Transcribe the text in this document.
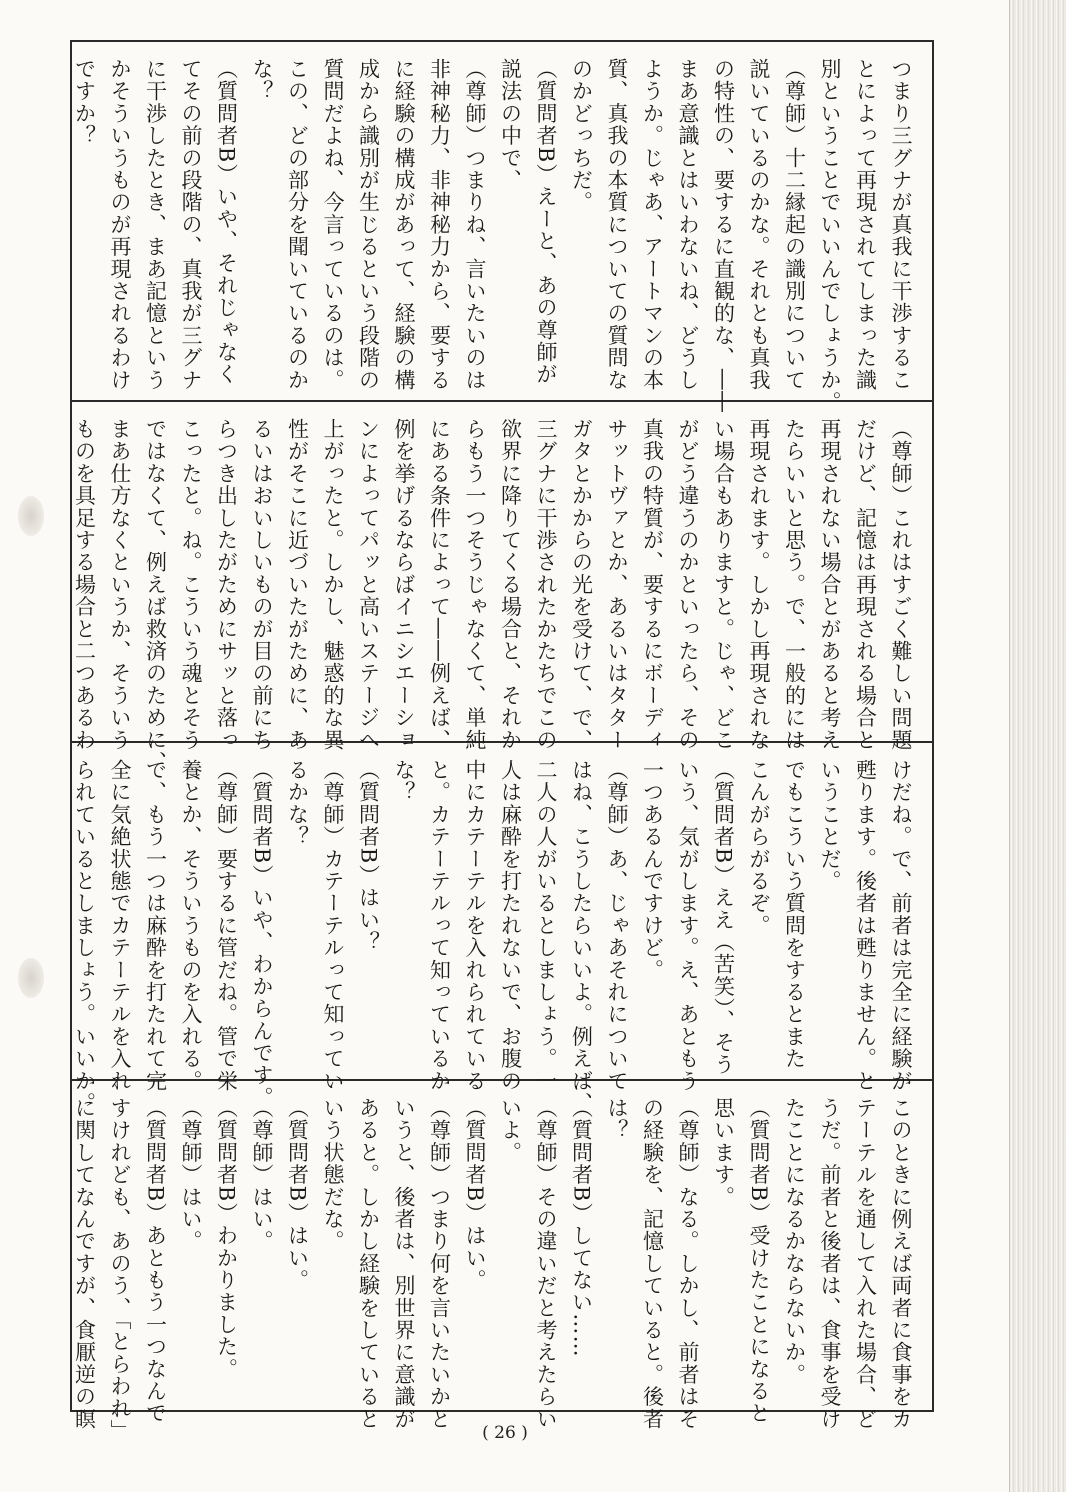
つまり三グナが真我に干渉するこ
とによって再現されてしまった識
別ということでいいんでしょうか。
（尊師）十二縁起の識別について
説いているのかな。それとも真我
の特性の、要するに直観的な、――
まあ意識とはいわないね、どうし
ようか。じゃあ、アートマンの本
質、真我の本質についての質問な
のかどっちだ。
（質問者B）えーと、あの尊師が
説法の中で、
（尊師）つまりね、言いたいのは
非神秘力、非神秘力から、要する
に経験の構成があって、経験の構
成から識別が生じるという段階の
質問だよね、今言っているのは。
この、どの部分を聞いているのか
な？
（質問者B）いや、それじゃなく
てその前の段階の、真我が三グナ
に干渉したとき、まあ記憶という
かそういうものが再現されるわけ
ですか？
（尊師）これはすごく難しい問題
だけど、記憶は再現される場合と
再現されない場合とがあると考え
たらいいと思う。で、一般的には
再現されます。しかし再現されな
い場合もありますと。じゃ、どこ
がどう違うのかといったら、その
真我の特質が、要するにボーディ
サットヴァとか、あるいはタター
ガタとかからの光を受けて、で、
三グナに干渉されたかたちでこの
欲界に降りてくる場合と、それか
らもう一つそうじゃなくて、単純
にある条件によって――例えば、
例を挙げるならばイニシエーショ
ンによってパッと高いステージへ
上がったと。しかし、魅惑的な異
性がそこに近づいたがために、あ
るいはおいしいものが目の前にち
らつき出したがためにサッと落っ
こったと。ね。こういう魂とそう
ではなくて、例えば救済のために、
まあ仕方なくというか、そういう
ものを具足する場合と二つあるわ
けだね。で、前者は完全に経験が
甦ります。後者は甦りません。と
いうことだ。
でもこういう質問をするとまた
こんがらがるぞ。
（質問者B）ええ（苦笑）、そう
いう、気がします。え、あともう
一つあるんですけど。
（尊師）あ、じゃあそれについて
はね、こうしたらいいよ。例えば、
二人の人がいるとしましょう。一
人は麻酔を打たれないで、お腹の
中にカテーテルを入れられている
と。カテーテルって知っているか
な？
（質問者B）はい？
（尊師）カテーテルって知ってい
るかな？
（質問者B）いや、わからんです。
（尊師）要するに管だね。管で栄
養とか、そういうものを入れる。
で、もう一つは麻酔を打たれて完
全に気絶状態でカテーテルを入れ
られているとしましょう。いいか。
このときに例えば両者に食事をカ
テーテルを通して入れた場合、ど
うだ。前者と後者は、食事を受け
たことになるかならないか。
（質問者B）受けたことになると
思います。
（尊師）なる。しかし、前者はそ
の経験を、記憶していると。後者
は？
（質問者B）してない……
（尊師）その違いだと考えたらい
いよ。
（質問者B）はい。
（尊師）つまり何を言いたいかと
いうと、後者は、別世界に意識が
あると。しかし経験をしていると
いう状態だな。
（質問者B）はい。
（尊師）はい。
（質問者B）わかりました。
（尊師）はい。
（質問者B）あともう一つなんで
すけれども、あのう、「とらわれ」
に関してなんですが、食厭逆の瞑
( 26 )
